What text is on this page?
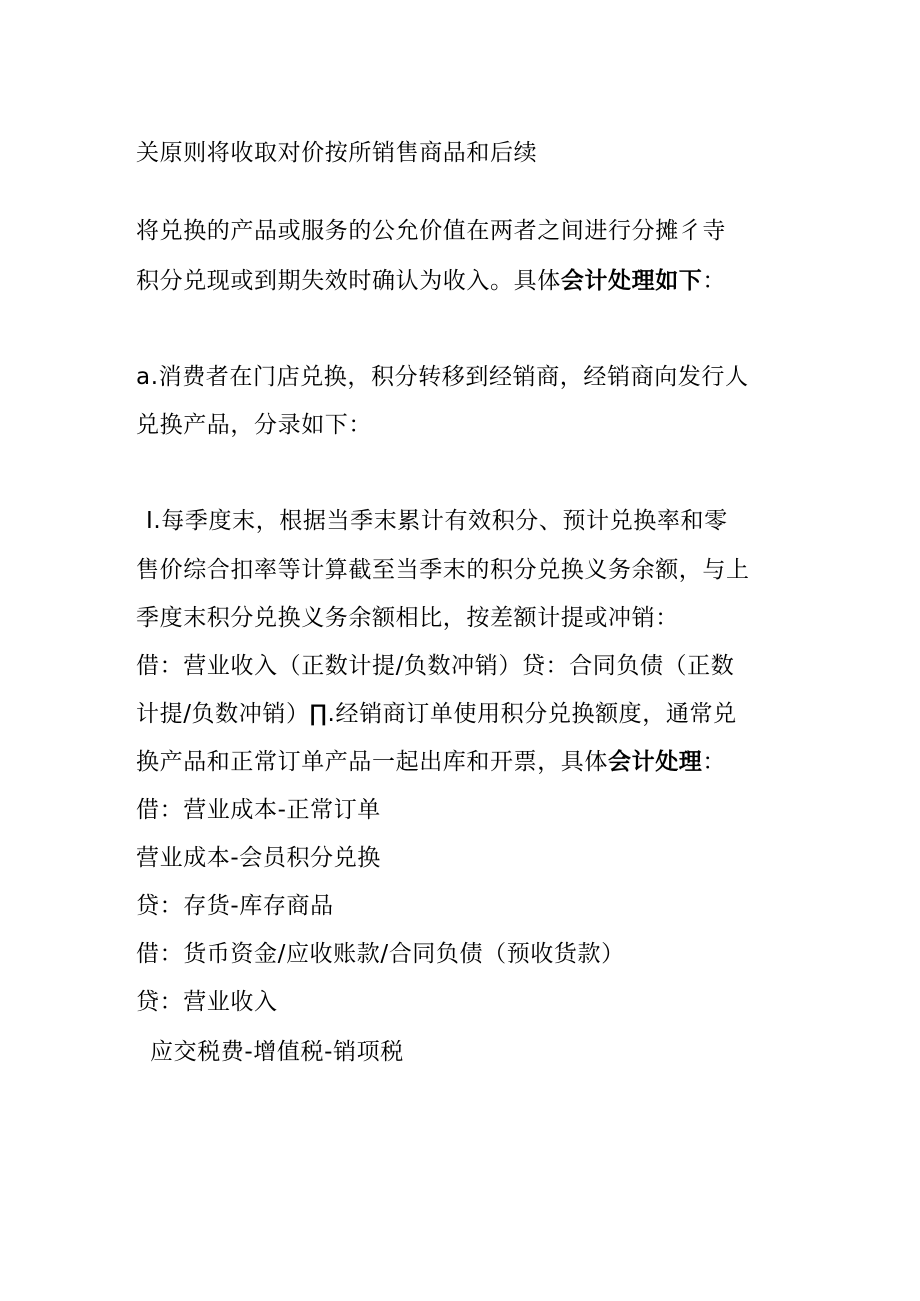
关原则将收取对价按所销售商品和后续
将兑换的产品或服务的公允价值在两者之间进行分摊彳寺
积分兑现或到期失效时确认为收入。具体会计处理如下：
a.消费者在门店兑换，积分转移到经销商，经销商向发行人
兑换产品，分录如下：
I.每季度末，根据当季末累计有效积分、预计兑换率和零
售价综合扣率等计算截至当季末的积分兑换义务余额，与上
季度末积分兑换义务余额相比，按差额计提或冲销：
借：营业收入（正数计提/负数冲销）贷：合同负债（正数
计提/负数冲销）∏.经销商订单使用积分兑换额度，通常兑
换产品和正常订单产品一起出库和开票，具体会计处理：
借：营业成本-正常订单
营业成本-会员积分兑换
贷：存货-库存商品
借：货币资金/应收账款/合同负债（预收货款）
贷：营业收入
应交税费-增值税-销项税
